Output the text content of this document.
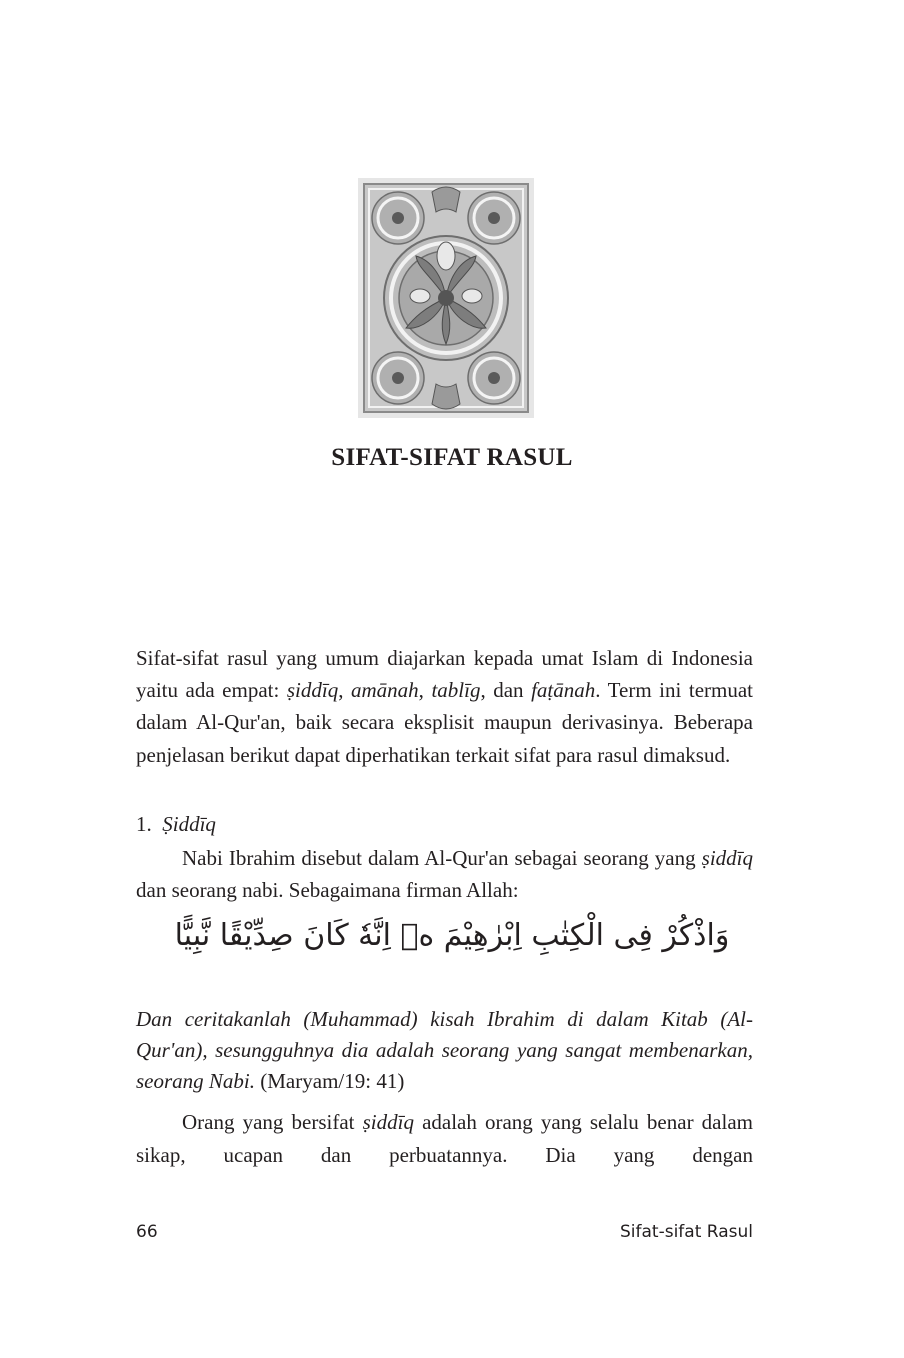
SIFAT-SIFAT RASUL

Sifat-sifat rasul yang umum diajarkan kepada umat Islam di Indonesia yaitu ada empat: ṣiddīq, amānah, tablīg, dan faṭānah. Term ini termuat dalam Al-Qur'an, baik secara eksplisit maupun derivasinya. Beberapa penjelasan berikut dapat diperhatikan terkait sifat para rasul dimaksud.

1. Ṣiddīq
Nabi Ibrahim disebut dalam Al-Qur'an sebagai seorang yang ṣiddīq dan seorang nabi. Sebagaimana firman Allah:
وَاذْكُرْ فِى الْكِتٰبِ اِبْرٰهِيْمَ ەۗ اِنَّهٗ كَانَ صِدِّيْقًا نَّبِيًّا
Dan ceritakanlah (Muhammad) kisah Ibrahim di dalam Kitab (Al-Qur'an), sesungguhnya dia adalah seorang yang sangat membenarkan, seorang Nabi. (Maryam/19: 41)
Orang yang bersifat ṣiddīq adalah orang yang selalu benar dalam sikap, ucapan dan perbuatannya. Dia yang dengan
66	Sifat-sifat Rasul
